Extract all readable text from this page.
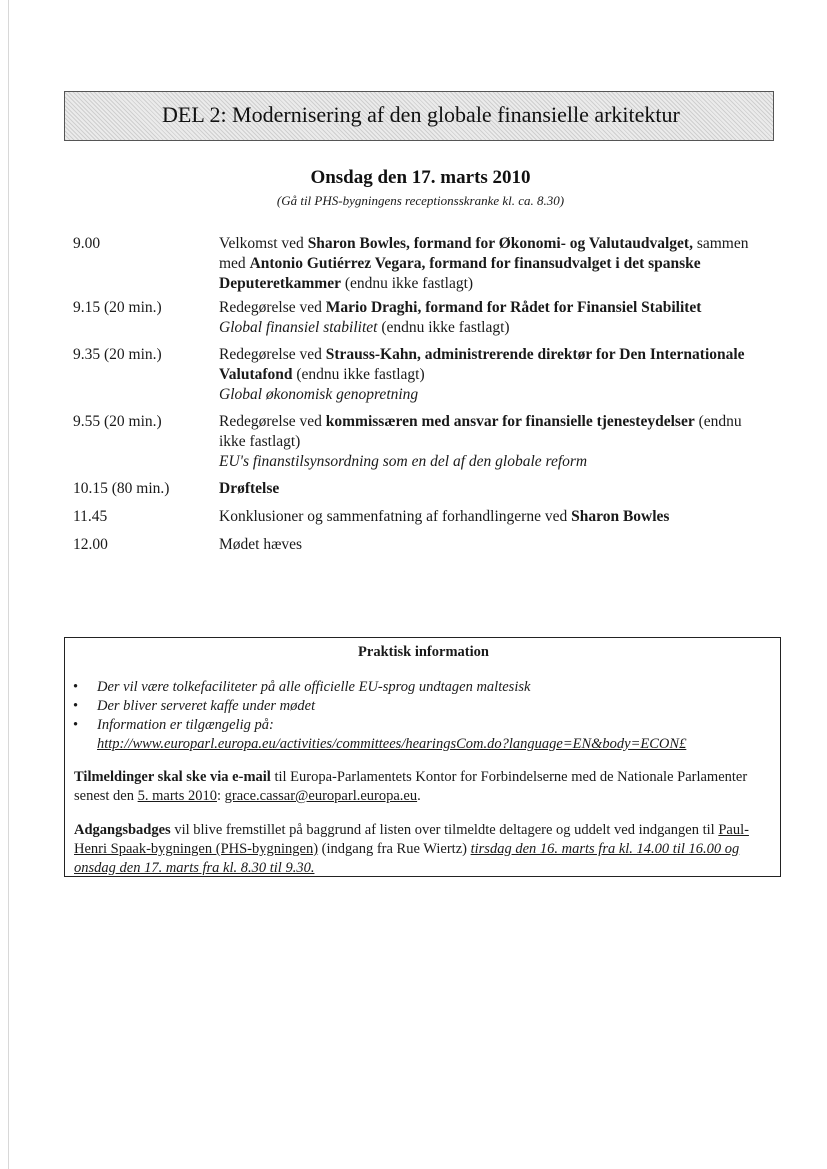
DEL 2: Modernisering af den globale finansielle arkitektur
Onsdag den 17. marts 2010
(Gå til PHS-bygningens receptionsskranke kl. ca. 8.30)
9.00	Velkomst ved Sharon Bowles, formand for Økonomi- og Valutaudvalget, sammen med Antonio Gutiérrez Vegara, formand for finansudvalget i det spanske Deputeretkammer (endnu ikke fastlagt)
9.15 (20 min.)	Redegørelse ved Mario Draghi, formand for Rådet for Finansiel Stabilitet
Global finansiel stabilitet (endnu ikke fastlagt)
9.35 (20 min.)	Redegørelse ved Strauss-Kahn, administrerende direktør for Den Internationale Valutafond (endnu ikke fastlagt)
Global økonomisk genopretning
9.55 (20 min.)	Redegørelse ved kommissæren med ansvar for finansielle tjenesteydelser (endnu ikke fastlagt)
EU's finanstilsynsordning som en del af den globale reform
10.15 (80 min.)	Drøftelse
11.45	Konklusioner og sammenfatning af forhandlingerne ved Sharon Bowles
12.00	Mødet hæves
Praktisk information
• Der vil være tolkefaciliteter på alle officielle EU-sprog undtagen maltesisk
• Der bliver serveret kaffe under mødet
• Information er tilgængelig på:
http://www.europarl.europa.eu/activities/committees/hearingsCom.do?language=EN&body=ECON£
Tilmeldinger skal ske via e-mail til Europa-Parlamentets Kontor for Forbindelserne med de Nationale Parlamenter senest den 5. marts 2010: grace.cassar@europarl.europa.eu.
Adgangsbadges vil blive fremstillet på baggrund af listen over tilmeldte deltagere og uddelt ved indgangen til Paul-Henri Spaak-bygningen (PHS-bygningen) (indgang fra Rue Wiertz) tirsdag den 16. marts fra kl. 14.00 til 16.00 og onsdag den 17. marts fra kl. 8.30 til 9.30.
